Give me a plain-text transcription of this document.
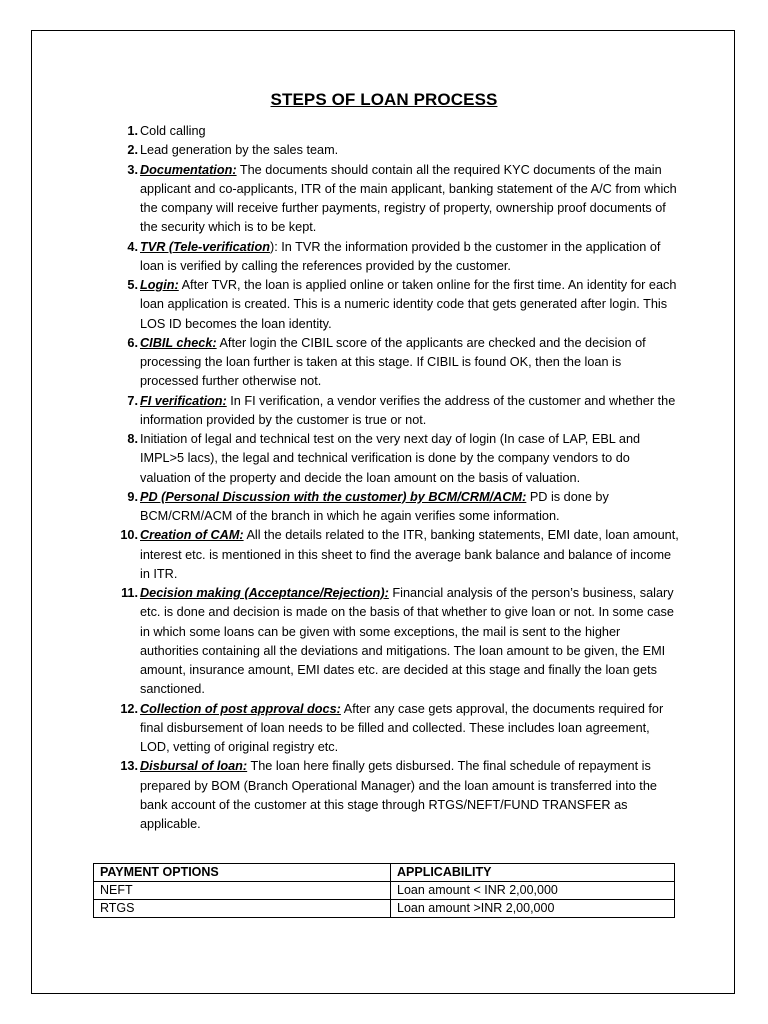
STEPS OF LOAN PROCESS
1. Cold calling
2. Lead generation by the sales team.
3. Documentation: The documents should contain all the required KYC documents of the main applicant and co-applicants, ITR of the main applicant, banking statement of the A/C from which the company will receive further payments, registry of property, ownership proof documents of the security which is to be kept.
4. TVR (Tele-verification): In TVR the information provided b the customer in the application of loan is verified by calling the references provided by the customer.
5. Login: After TVR, the loan is applied online or taken online for the first time. An identity for each loan application is created. This is a numeric identity code that gets generated after login. This LOS ID becomes the loan identity.
6. CIBIL check: After login the CIBIL score of the applicants are checked and the decision of processing the loan further is taken at this stage. If CIBIL is found OK, then the loan is processed further otherwise not.
7. FI verification: In FI verification, a vendor verifies the address of the customer and whether the information provided by the customer is true or not.
8. Initiation of legal and technical test on the very next day of login (In case of LAP, EBL and IMPL>5 lacs), the legal and technical verification is done by the company vendors to do valuation of the property and decide the loan amount on the basis of valuation.
9. PD (Personal Discussion with the customer) by BCM/CRM/ACM: PD is done by BCM/CRM/ACM of the branch in which he again verifies some information.
10. Creation of CAM: All the details related to the ITR, banking statements, EMI date, loan amount, interest etc. is mentioned in this sheet to find the average bank balance and balance of income in ITR.
11. Decision making (Acceptance/Rejection): Financial analysis of the person’s business, salary etc. is done and decision is made on the basis of that whether to give loan or not. In some case in which some loans can be given with some exceptions, the mail is sent to the higher authorities containing all the deviations and mitigations. The loan amount to be given, the EMI amount, insurance amount, EMI dates etc. are decided at this stage and finally the loan gets sanctioned.
12. Collection of post approval docs: After any case gets approval, the documents required for final disbursement of loan needs to be filled and collected. These includes loan agreement, LOD, vetting of original registry etc.
13. Disbursal of loan: The loan here finally gets disbursed. The final schedule of repayment is prepared by BOM (Branch Operational Manager) and the loan amount is transferred into the bank account of the customer at this stage through RTGS/NEFT/FUND TRANSFER as applicable.
PAYMENT OPTIONS	APPLICABILITY
NEFT	Loan amount < INR 2,00,000
RTGS	Loan amount >INR 2,00,000
